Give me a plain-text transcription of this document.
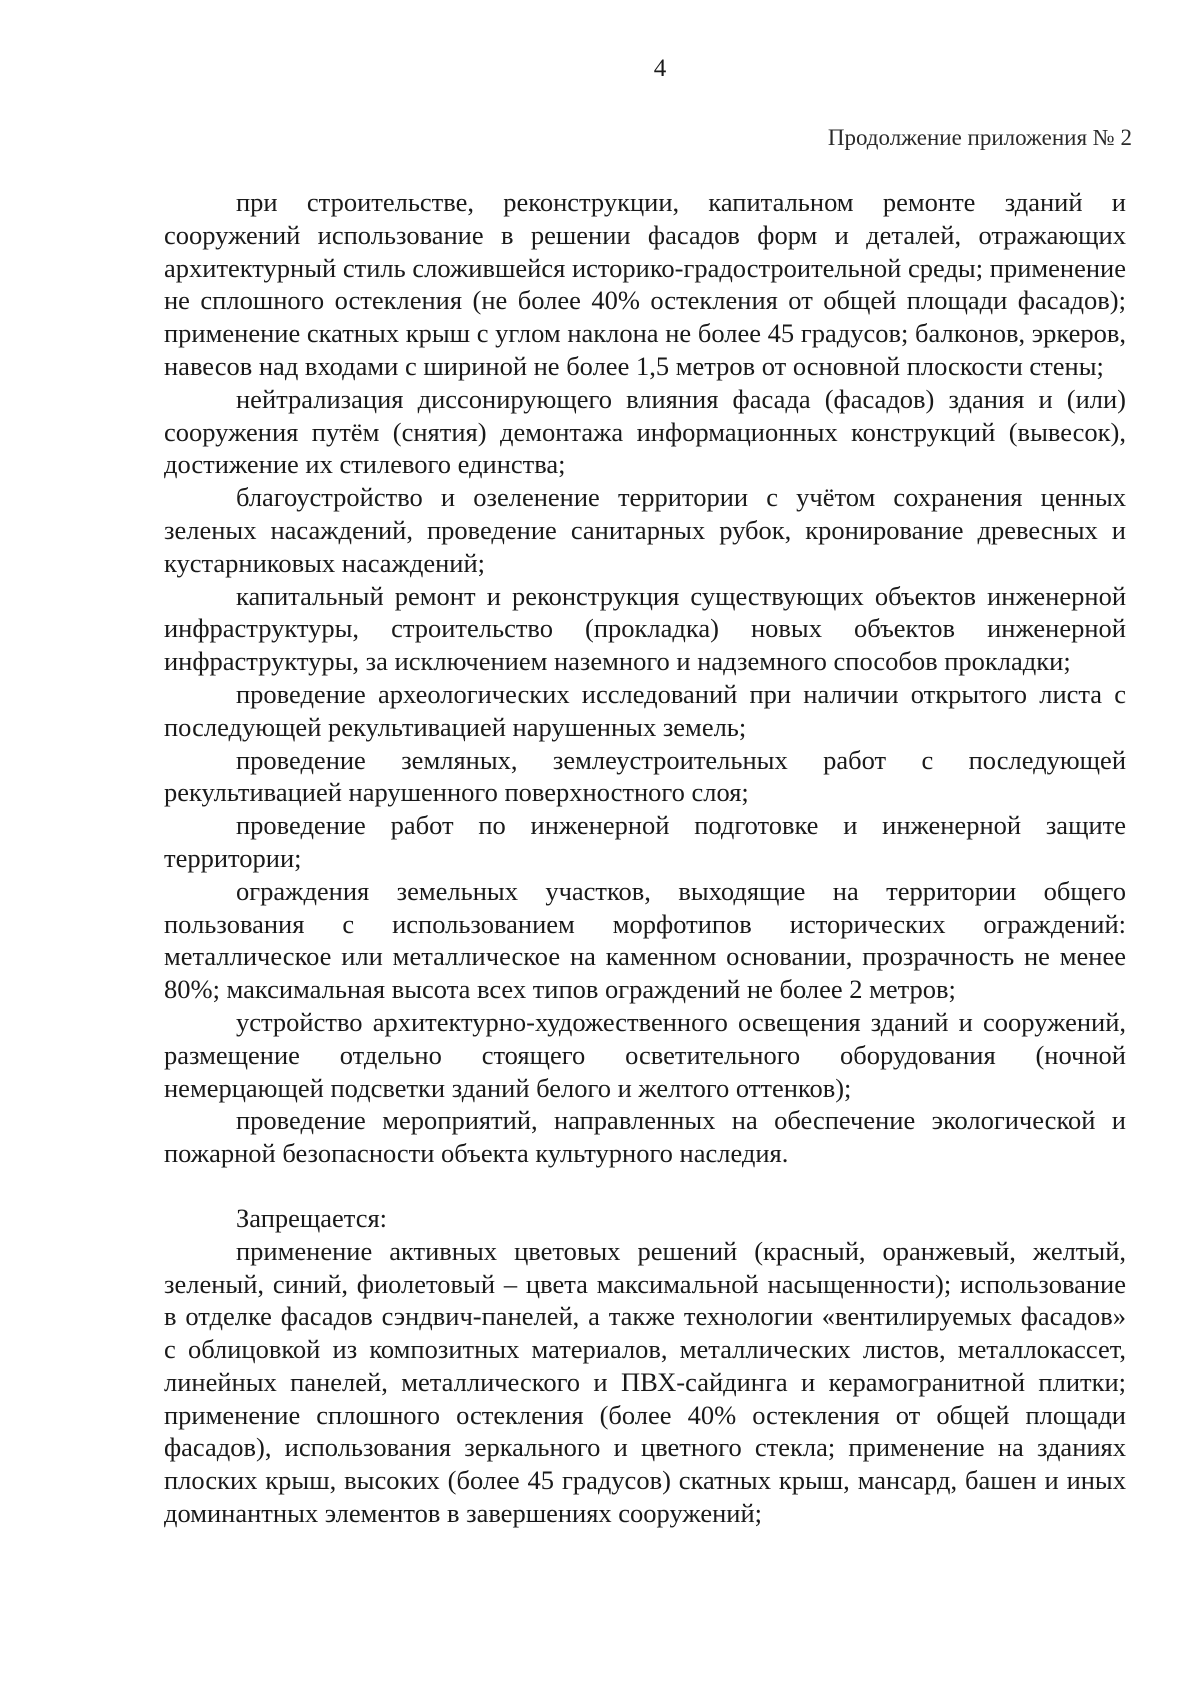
4
Продолжение приложения № 2

при строительстве, реконструкции, капитальном ремонте зданий и сооружений использование в решении фасадов форм и деталей, отражающих архитектурный стиль сложившейся историко-градостроительной среды; применение не сплошного остекления (не более 40% остекления от общей площади фасадов); применение скатных крыш с углом наклона не более 45 градусов; балконов, эркеров, навесов над входами с шириной не более 1,5 метров от основной плоскости стены;

нейтрализация диссонирующего влияния фасада (фасадов) здания и (или) сооружения путём (снятия) демонтажа информационных конструкций (вывесок), достижение их стилевого единства;

благоустройство и озеленение территории с учётом сохранения ценных зеленых насаждений, проведение санитарных рубок, кронирование древесных и кустарниковых насаждений;

капитальный ремонт и реконструкция существующих объектов инженерной инфраструктуры, строительство (прокладка) новых объектов инженерной инфраструктуры, за исключением наземного и надземного способов прокладки;

проведение археологических исследований при наличии открытого листа с последующей рекультивацией нарушенных земель;

проведение земляных, землеустроительных работ с последующей рекультивацией нарушенного поверхностного слоя;

проведение работ по инженерной подготовке и инженерной защите территории;

ограждения земельных участков, выходящие на территории общего пользования с использованием морфотипов исторических ограждений: металлическое или металлическое на каменном основании, прозрачность не менее 80%; максимальная высота всех типов ограждений не более 2 метров;

устройство архитектурно-художественного освещения зданий и сооружений, размещение отдельно стоящего осветительного оборудования (ночной немерцающей подсветки зданий белого и желтого оттенков);

проведение мероприятий, направленных на обеспечение экологической и пожарной безопасности объекта культурного наследия.

Запрещается:

применение активных цветовых решений (красный, оранжевый, желтый, зеленый, синий, фиолетовый – цвета максимальной насыщенности); использование в отделке фасадов сэндвич-панелей, а также технологии «вентилируемых фасадов» с облицовкой из композитных материалов, металлических листов, металлокассет, линейных панелей, металлического и ПВХ-сайдинга и керамогранитной плитки; применение сплошного остекления (более 40% остекления от общей площади фасадов), использования зеркального и цветного стекла; применение на зданиях плоских крыш, высоких (более 45 градусов) скатных крыш, мансард, башен и иных доминантных элементов в завершениях сооружений;
